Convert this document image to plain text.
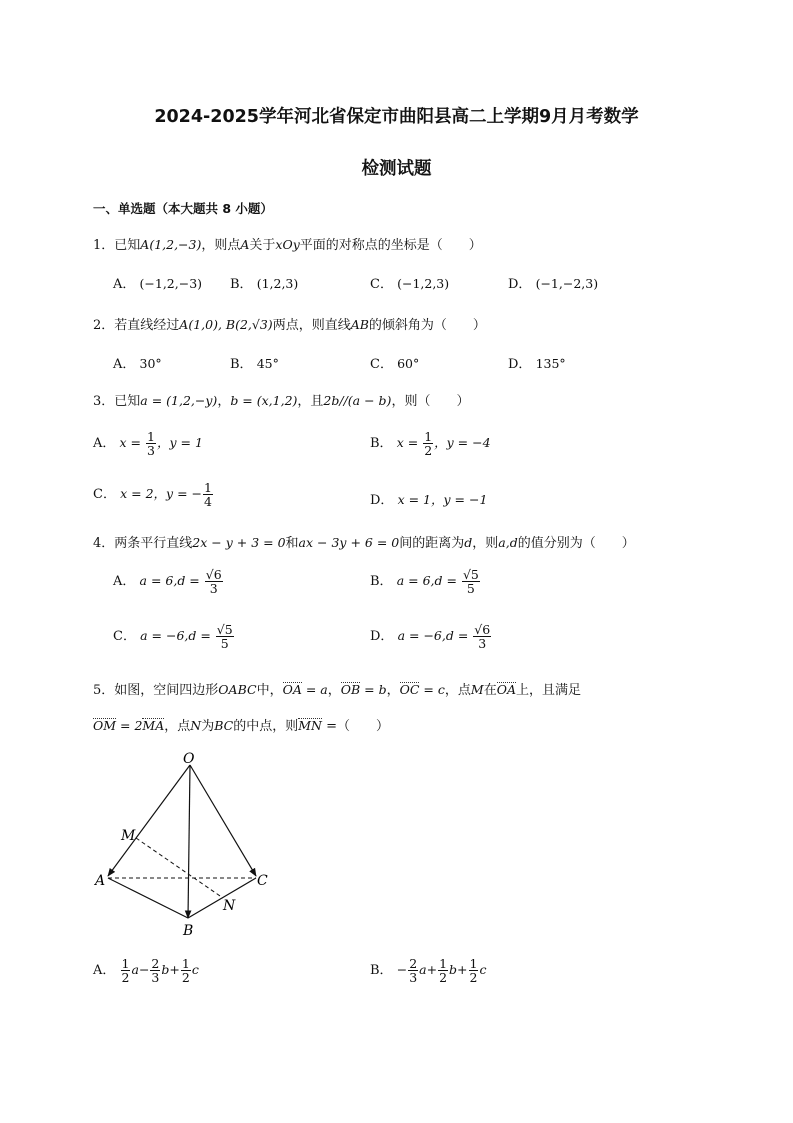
2024-2025学年河北省保定市曲阳县高二上学期9月月考数学
检测试题
一、单选题（本大题共 8 小题）
1．已知A(1,2,−3)，则点A关于xOy平面的对称点的坐标是（　　）
A． (−1,2,−3) B． (1,2,3)	C． (−1,2,3)	D． (−1,−2,3)
2．若直线经过A(1,0), B(2,√3)两点，则直线AB的倾斜角为（　　）
A． 30°	B． 45°	C． 60°	D． 135°
3．已知a = (1,2,−y)，b = (x,1,2)，且2b//(a − b)，则（　　）
A． $x = \frac{1}{3}$ ，y = 1	B． $x = \frac{1}{2}$ ，y = −4
C． x = 2，y = − $\frac{1}{4}$	D． x = 1，y = −1
4．两条平行直线2x − y + 3 = 0和ax − 3y + 6 = 0间的距离为d，则a,d的值分别为（　　）
A． $a = 6,d = \frac{√6}{3}$	B． $a = 6,d = \frac{√5}{5}$
C． $a = -6,d = \frac{√5}{5}$	D． $a = -6,d = \frac{√6}{3}$
5．如图，空间四边形OABC中，OA = a，OB = b，OC = c，点M在OA上，且满足
OM = 2MA，点N为BC的中点，则MN =（　　）
O
M
A	C
N
B
A． $\frac{1}{2} a- \frac{2}{3} b+ \frac{1}{2}$ c	B． − $\frac{2}{3} a+ \frac{1}{2} b+ \frac{1}{2}$ c
